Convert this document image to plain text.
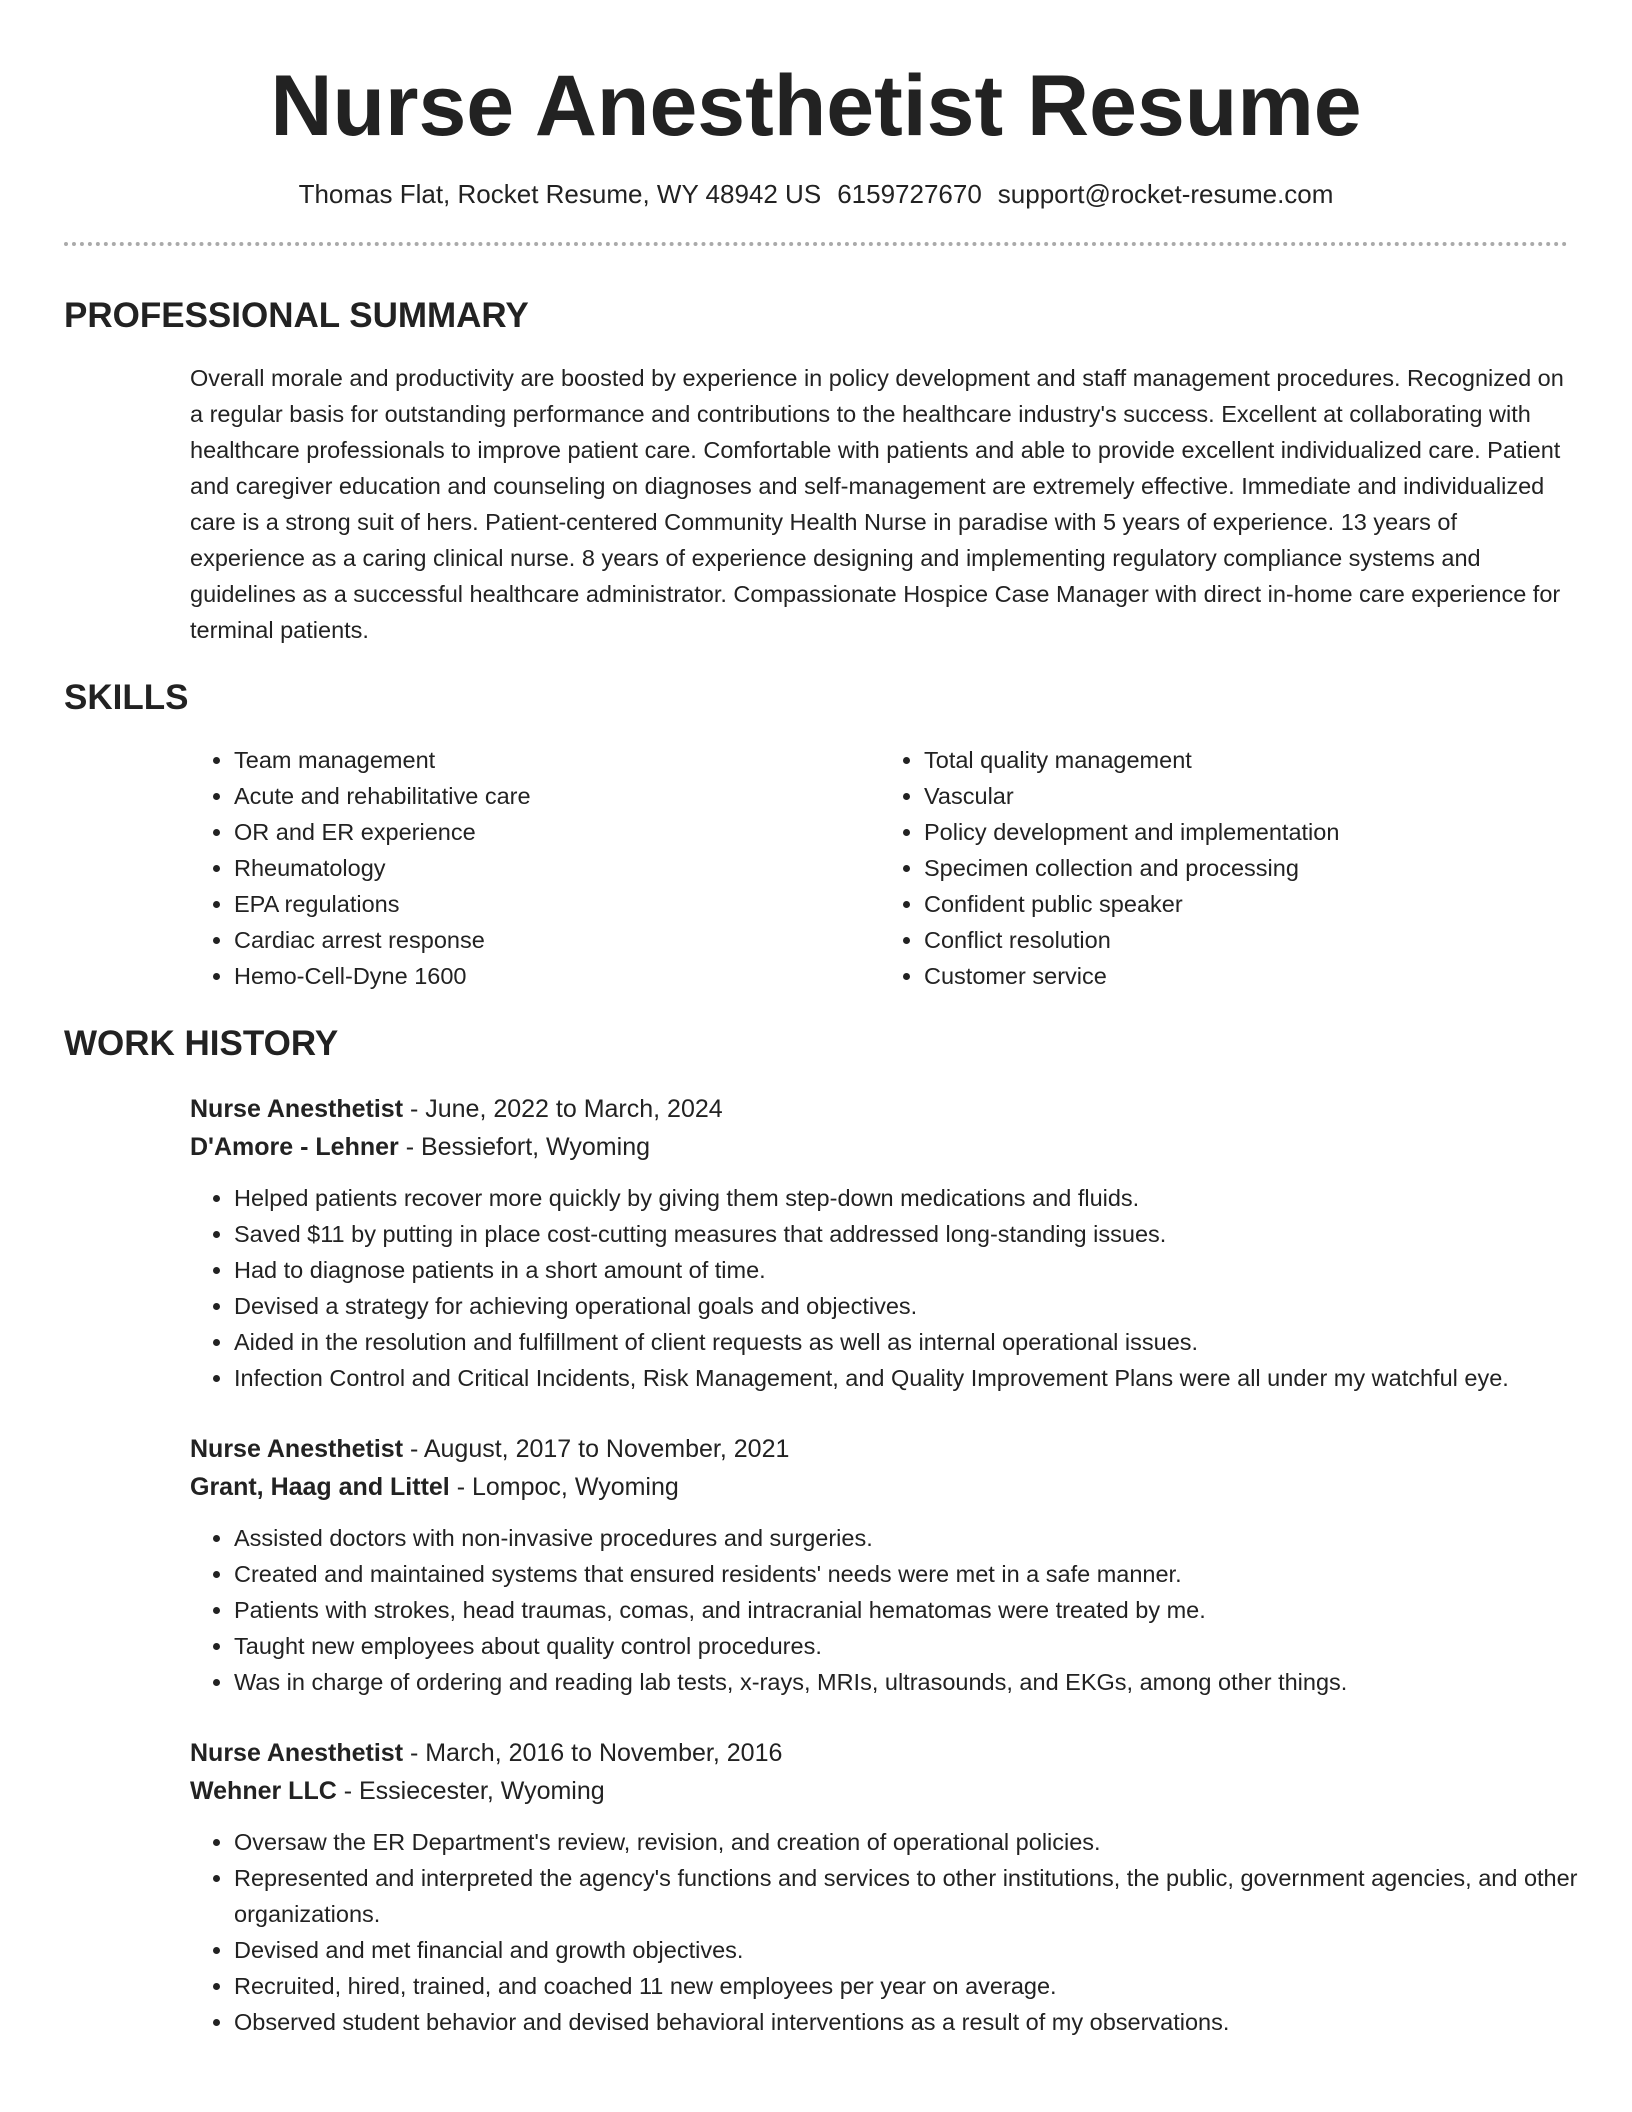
Nurse Anesthetist Resume
Thomas Flat, Rocket Resume, WY 48942 US 6159727670 support@rocket-resume.com
PROFESSIONAL SUMMARY

Overall morale and productivity are boosted by experience in policy development and staff management procedures. Recognized on a regular basis for outstanding performance and contributions to the healthcare industry's success. Excellent at collaborating with healthcare professionals to improve patient care. Comfortable with patients and able to provide excellent individualized care. Patient and caregiver education and counseling on diagnoses and self-management are extremely effective. Immediate and individualized care is a strong suit of hers. Patient-centered Community Health Nurse in paradise with 5 years of experience. 13 years of experience as a caring clinical nurse. 8 years of experience designing and implementing regulatory compliance systems and guidelines as a successful healthcare administrator. Compassionate Hospice Case Manager with direct in-home care experience for terminal patients.

SKILLS
• Team management
• Acute and rehabilitative care
• OR and ER experience
• Rheumatology
• EPA regulations
• Cardiac arrest response
• Hemo-Cell-Dyne 1600
• Total quality management
• Vascular
• Policy development and implementation
• Specimen collection and processing
• Confident public speaker
• Conflict resolution
• Customer service
WORK HISTORY
Nurse Anesthetist - June, 2022 to March, 2024
D'Amore - Lehner - Bessiefort, Wyoming
• Helped patients recover more quickly by giving them step-down medications and fluids.
• Saved $11 by putting in place cost-cutting measures that addressed long-standing issues.
• Had to diagnose patients in a short amount of time.
• Devised a strategy for achieving operational goals and objectives.
• Aided in the resolution and fulfillment of client requests as well as internal operational issues.
• Infection Control and Critical Incidents, Risk Management, and Quality Improvement Plans were all under my watchful eye.
Nurse Anesthetist - August, 2017 to November, 2021
Grant, Haag and Littel - Lompoc, Wyoming
• Assisted doctors with non-invasive procedures and surgeries.
• Created and maintained systems that ensured residents' needs were met in a safe manner.
• Patients with strokes, head traumas, comas, and intracranial hematomas were treated by me.
• Taught new employees about quality control procedures.
• Was in charge of ordering and reading lab tests, x-rays, MRIs, ultrasounds, and EKGs, among other things.
Nurse Anesthetist - March, 2016 to November, 2016
Wehner LLC - Essiecester, Wyoming
• Oversaw the ER Department's review, revision, and creation of operational policies.
• Represented and interpreted the agency's functions and services to other institutions, the public, government agencies, and other organizations.
• Devised and met financial and growth objectives.
• Recruited, hired, trained, and coached 11 new employees per year on average.
• Observed student behavior and devised behavioral interventions as a result of my observations.
